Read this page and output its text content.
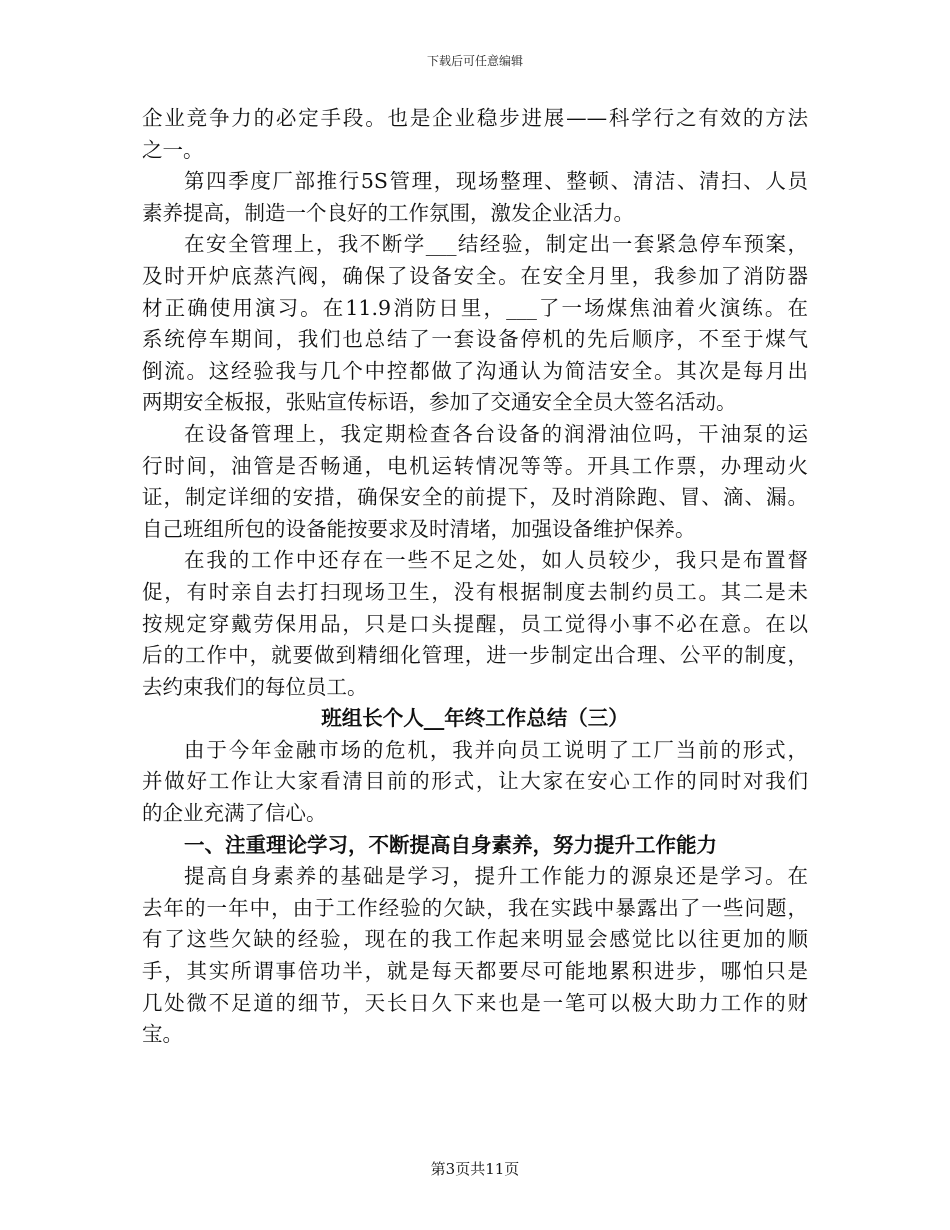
下载后可任意编辑
企业竞争力的必定手段。也是企业稳步进展——科学行之有效的方法
之一。
第四季度厂部推行5S管理，现场整理、整顿、清洁、清扫、人员
素养提高，制造一个良好的工作氛围，激发企业活力。
在安全管理上，我不断学___结经验，制定出一套紧急停车预案，
及时开炉底蒸汽阀，确保了设备安全。在安全月里，我参加了消防器
材正确使用演习。在11.9消防日里，___了一场煤焦油着火演练。在
系统停车期间，我们也总结了一套设备停机的先后顺序，不至于煤气
倒流。这经验我与几个中控都做了沟通认为简洁安全。其次是每月出
两期安全板报，张贴宣传标语，参加了交通安全全员大签名活动。
在设备管理上，我定期检查各台设备的润滑油位吗，干油泵的运
行时间，油管是否畅通，电机运转情况等等。开具工作票，办理动火
证，制定详细的安措，确保安全的前提下，及时消除跑、冒、滴、漏。
自己班组所包的设备能按要求及时清堵，加强设备维护保养。
在我的工作中还存在一些不足之处，如人员较少，我只是布置督
促，有时亲自去打扫现场卫生，没有根据制度去制约员工。其二是未
按规定穿戴劳保用品，只是口头提醒，员工觉得小事不必在意。在以
后的工作中，就要做到精细化管理，进一步制定出合理、公平的制度，
去约束我们的每位员工。
班组长个人__年终工作总结（三）
由于今年金融市场的危机，我并向员工说明了工厂当前的形式，
并做好工作让大家看清目前的形式，让大家在安心工作的同时对我们
的企业充满了信心。
一、注重理论学习，不断提高自身素养，努力提升工作能力
提高自身素养的基础是学习，提升工作能力的源泉还是学习。在
去年的一年中，由于工作经验的欠缺，我在实践中暴露出了一些问题，
有了这些欠缺的经验，现在的我工作起来明显会感觉比以往更加的顺
手，其实所谓事倍功半，就是每天都要尽可能地累积进步，哪怕只是
几处微不足道的细节，天长日久下来也是一笔可以极大助力工作的财
宝。
第3页共11页
